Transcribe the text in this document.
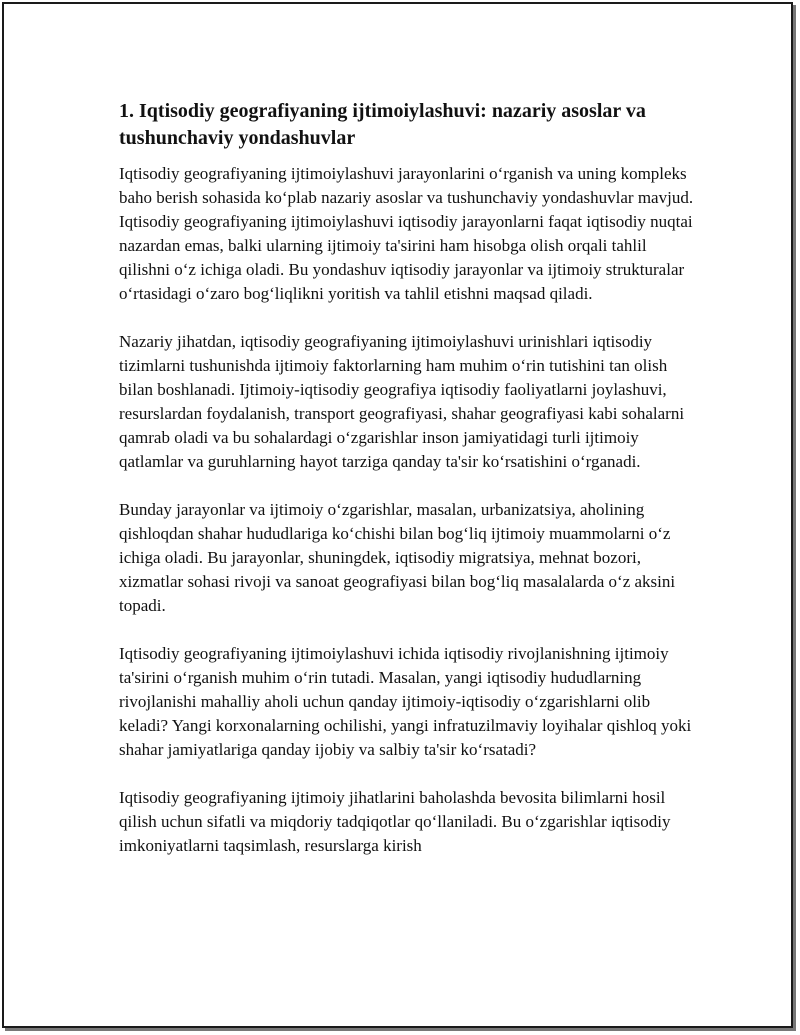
1. Iqtisodiy geografiyaning ijtimoiylashuvi: nazariy asoslar va tushunchaviy yondashuvlar

Iqtisodiy geografiyaning ijtimoiylashuvi jarayonlarini oʻrganish va uning kompleks baho berish sohasida koʻplab nazariy asoslar va tushunchaviy yondashuvlar mavjud. Iqtisodiy geografiyaning ijtimoiylashuvi iqtisodiy jarayonlarni faqat iqtisodiy nuqtai nazardan emas, balki ularning ijtimoiy ta'sirini ham hisobga olish orqali tahlil qilishni oʻz ichiga oladi. Bu yondashuv iqtisodiy jarayonlar va ijtimoiy strukturalar oʻrtasidagi oʻzaro bogʻliqlikni yoritish va tahlil etishni maqsad qiladi.

Nazariy jihatdan, iqtisodiy geografiyaning ijtimoiylashuvi urinishlari iqtisodiy tizimlarni tushunishda ijtimoiy faktorlarning ham muhim oʻrin tutishini tan olish bilan boshlanadi. Ijtimoiy-iqtisodiy geografiya iqtisodiy faoliyatlarni joylashuvi, resurslardan foydalanish, transport geografiyasi, shahar geografiyasi kabi sohalarni qamrab oladi va bu sohalardagi oʻzgarishlar inson jamiyatidagi turli ijtimoiy qatlamlar va guruhlarning hayot tarziga qanday ta'sir koʻrsatishini oʻrganadi.

Bunday jarayonlar va ijtimoiy oʻzgarishlar, masalan, urbanizatsiya, aholining qishloqdan shahar hududlariga koʻchishi bilan bogʻliq ijtimoiy muammolarni oʻz ichiga oladi. Bu jarayonlar, shuningdek, iqtisodiy migratsiya, mehnat bozori, xizmatlar sohasi rivoji va sanoat geografiyasi bilan bogʻliq masalalarda oʻz aksini topadi.

Iqtisodiy geografiyaning ijtimoiylashuvi ichida iqtisodiy rivojlanishning ijtimoiy ta'sirini oʻrganish muhim oʻrin tutadi. Masalan, yangi iqtisodiy hududlarning rivojlanishi mahalliy aholi uchun qanday ijtimoiy-iqtisodiy oʻzgarishlarni olib keladi? Yangi korxonalarning ochilishi, yangi infratuzilmaviy loyihalar qishloq yoki shahar jamiyatlariga qanday ijobiy va salbiy ta'sir koʻrsatadi?

Iqtisodiy geografiyaning ijtimoiy jihatlarini baholashda bevosita bilimlarni hosil qilish uchun sifatli va miqdoriy tadqiqotlar qoʻllaniladi. Bu oʻzgarishlar iqtisodiy imkoniyatlarni taqsimlash, resurslarga kirish
